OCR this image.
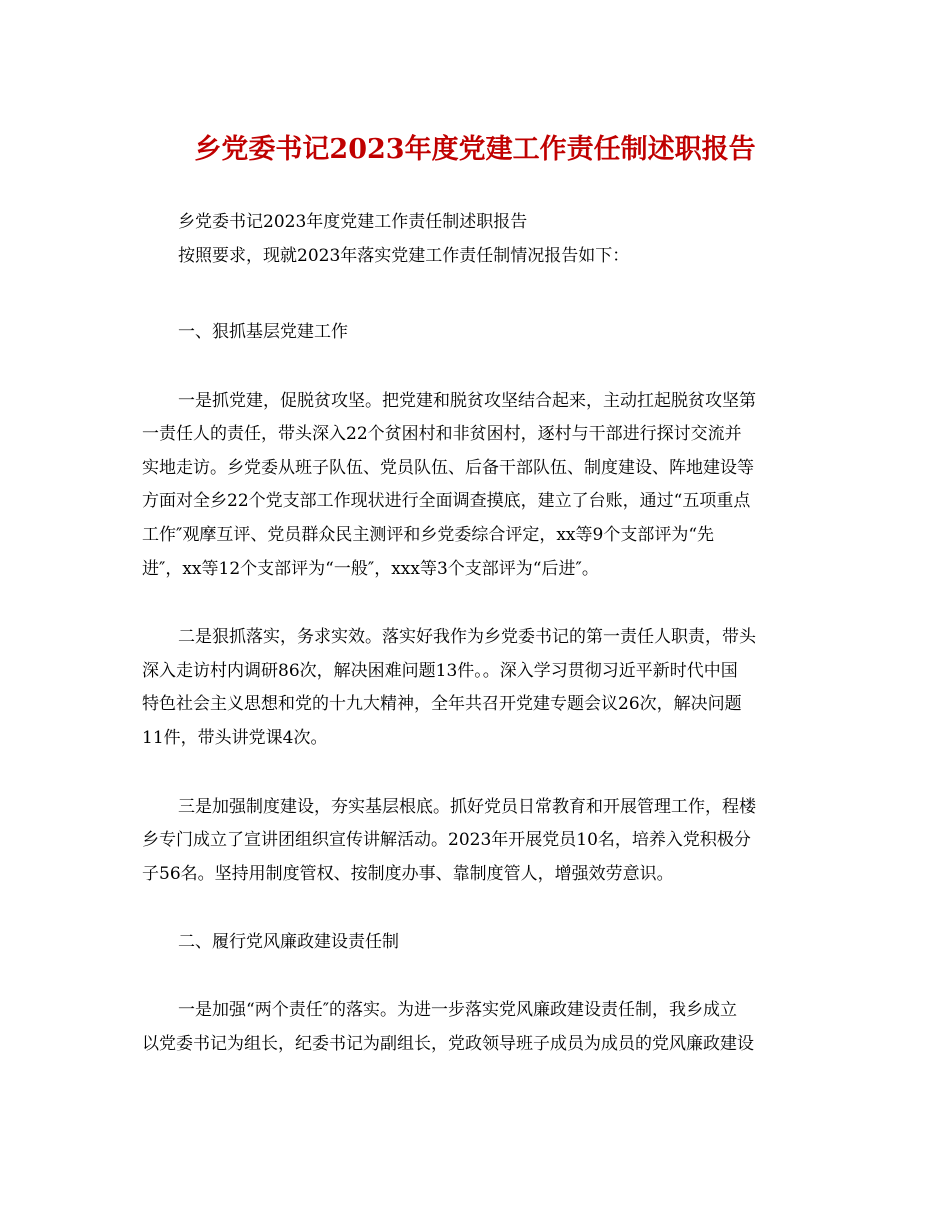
乡党委书记2023年度党建工作责任制述职报告
乡党委书记2023年度党建工作责任制述职报告
按照要求，现就2023年落实党建工作责任制情况报告如下：
一、狠抓基层党建工作
一是抓党建，促脱贫攻坚。把党建和脱贫攻坚结合起来，主动扛起脱贫攻坚第
一责任人的责任，带头深入22个贫困村和非贫困村，逐村与干部进行探讨交流并
实地走访。乡党委从班子队伍、党员队伍、后备干部队伍、制度建设、阵地建设等
方面对全乡22个党支部工作现状进行全面调查摸底，建立了台账，通过“五项重点
工作″观摩互评、党员群众民主测评和乡党委综合评定，xx等9个支部评为“先
进″，xx等12个支部评为“一般″，xxx等3个支部评为“后进″。
二是狠抓落实，务求实效。落实好我作为乡党委书记的第一责任人职责，带头
深入走访村内调研86次，解决困难问题13件。。深入学习贯彻习近平新时代中国
特色社会主义思想和党的十九大精神，全年共召开党建专题会议26次，解决问题
11件，带头讲党课4次。
三是加强制度建设，夯实基层根底。抓好党员日常教育和开展管理工作，程楼
乡专门成立了宣讲团组织宣传讲解活动。2023年开展党员10名，培养入党积极分
子56名。坚持用制度管权、按制度办事、靠制度管人，增强效劳意识。
二、履行党风廉政建设责任制
一是加强“两个责任″的落实。为进一步落实党风廉政建设责任制，我乡成立
以党委书记为组长，纪委书记为副组长，党政领导班子成员为成员的党风廉政建设
